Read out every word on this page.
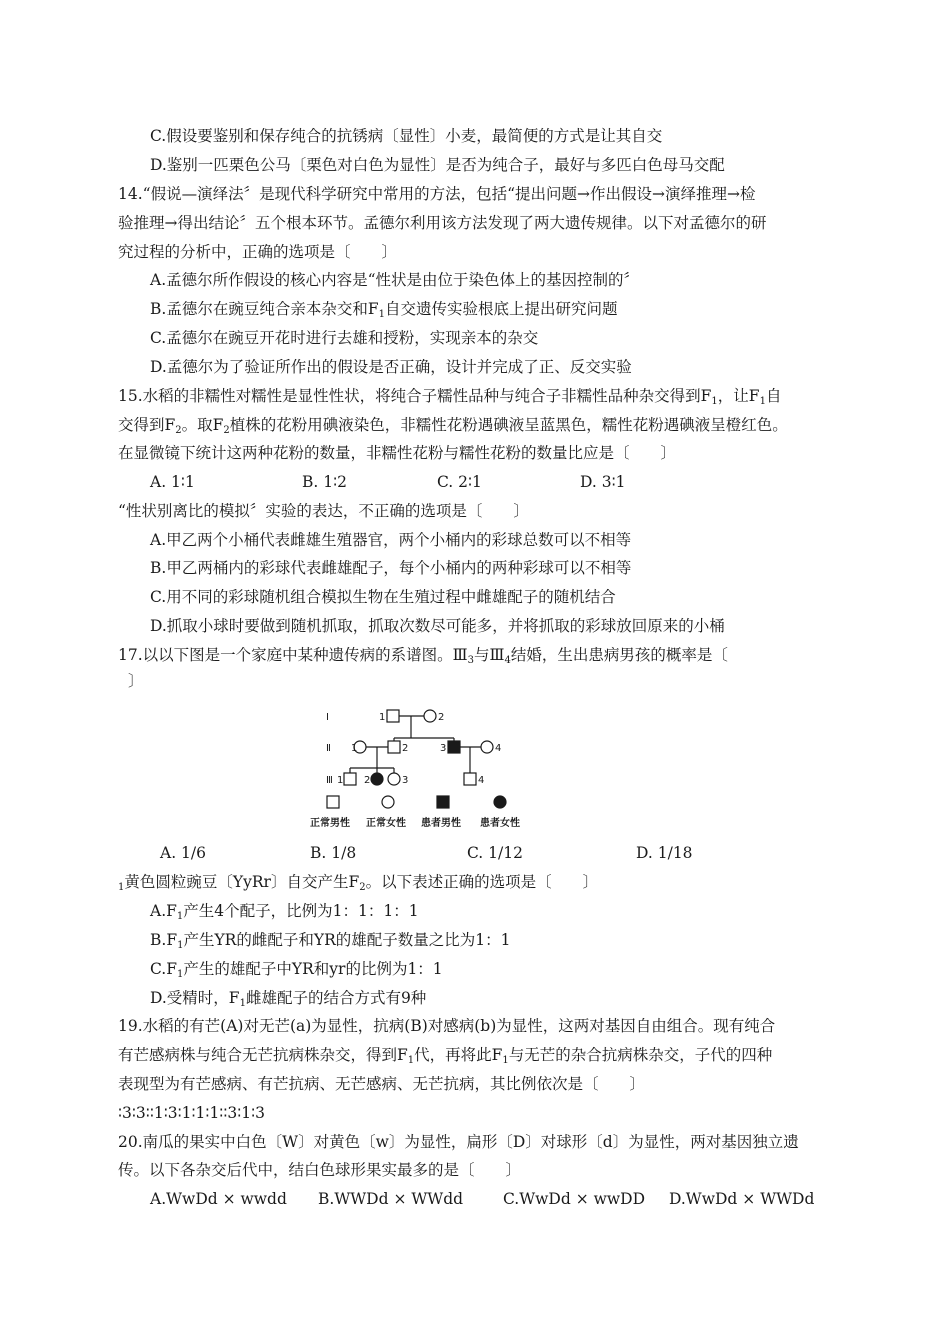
C.假设要鉴别和保存纯合的抗锈病〔显性〕小麦，最简便的方式是让其自交
D.鉴别一匹栗色公马〔栗色对白色为显性〕是否为纯合子，最好与多匹白色母马交配
14.“假说—演绎法〞是现代科学研究中常用的方法，包括“提出问题→作出假设→演绎推理→检
验推理→得出结论〞五个根本环节。孟德尔利用该方法发现了两大遗传规律。以下对孟德尔的研
究过程的分析中，正确的选项是〔　　〕
A.孟德尔所作假设的核心内容是“性状是由位于染色体上的基因控制的〞
B.孟德尔在豌豆纯合亲本杂交和$F_1$自交遗传实验根底上提出研究问题
C.孟德尔在豌豆开花时进行去雄和授粉，实现亲本的杂交
D.孟德尔为了验证所作出的假设是否正确，设计并完成了正、反交实验
15.水稻的非糯性对糯性是显性性状，将纯合子糯性品种与纯合子非糯性品种杂交得到$F_1$，让$F_1$自
交得到$F_2$。取$F_2$植株的花粉用碘液染色，非糯性花粉遇碘液呈蓝黑色，糯性花粉遇碘液呈橙红色。
在显微镜下统计这两种花粉的数量，非糯性花粉与糯性花粉的数量比应是〔　　〕
A. 1∶1	B. 1∶2	C. 2∶1	D. 3∶1
“性状别离比的模拟〞实验的表达，不正确的选项是〔　　〕
A.甲乙两个小桶代表雌雄生殖器官，两个小桶内的彩球总数可以不相等
B.甲乙两桶内的彩球代表雌雄配子，每个小桶内的两种彩球可以不相等
C.用不同的彩球随机组合模拟生物在生殖过程中雌雄配子的随机结合
D.抓取小球时要做到随机抓取，抓取次数尽可能多，并将抓取的彩球放回原来的小桶
17.以以下图是一个家庭中某种遗传病的系谱图。$Ⅲ_3$与$Ⅲ_4$结婚，生出患病男孩的概率是〔
〕
Ⅰ
Ⅱ
Ⅲ
1	2
1	2	3	4
1 2	3	4
正常男性 正常女性 患者男性 患者女性
A. 1/6	B. 1/8	C. 1/12	D. 1/18
$_1$黄色圆粒豌豆〔YyRr〕自交产生$F_2$。以下表述正确的选项是〔　　〕
$A.F_1$产生4个配子，比例为1：1：1：1
$B.F_1$产生YR的雌配子和YR的雄配子数量之比为1：1
$C.F_1$产生的雄配子中YR和yr的比例为1：1
D.受精时，$F_1$雌雄配子的结合方式有9种
19.水稻的有芒(A)对无芒(a)为显性，抗病(B)对感病(b)为显性，这两对基因自由组合。现有纯合
有芒感病株与纯合无芒抗病株杂交，得到$F_1$代，再将此$F_1$与无芒的杂合抗病株杂交，子代的四种
表现型为有芒感病、有芒抗病、无芒感病、无芒抗病，其比例依次是〔　　〕
∶3∶3∶∶1∶3∶1∶1∶1∶∶3∶1∶3
20.南瓜的果实中白色〔W〕对黄色〔w〕为显性，扁形〔D〕对球形〔d〕为显性，两对基因独立遗
传。以下各杂交后代中，结白色球形果实最多的是〔　　〕
A.WwDd × wwdd B.WWDd × WWdd	C.WwDd × wwDD D.WwDd × WWDd
